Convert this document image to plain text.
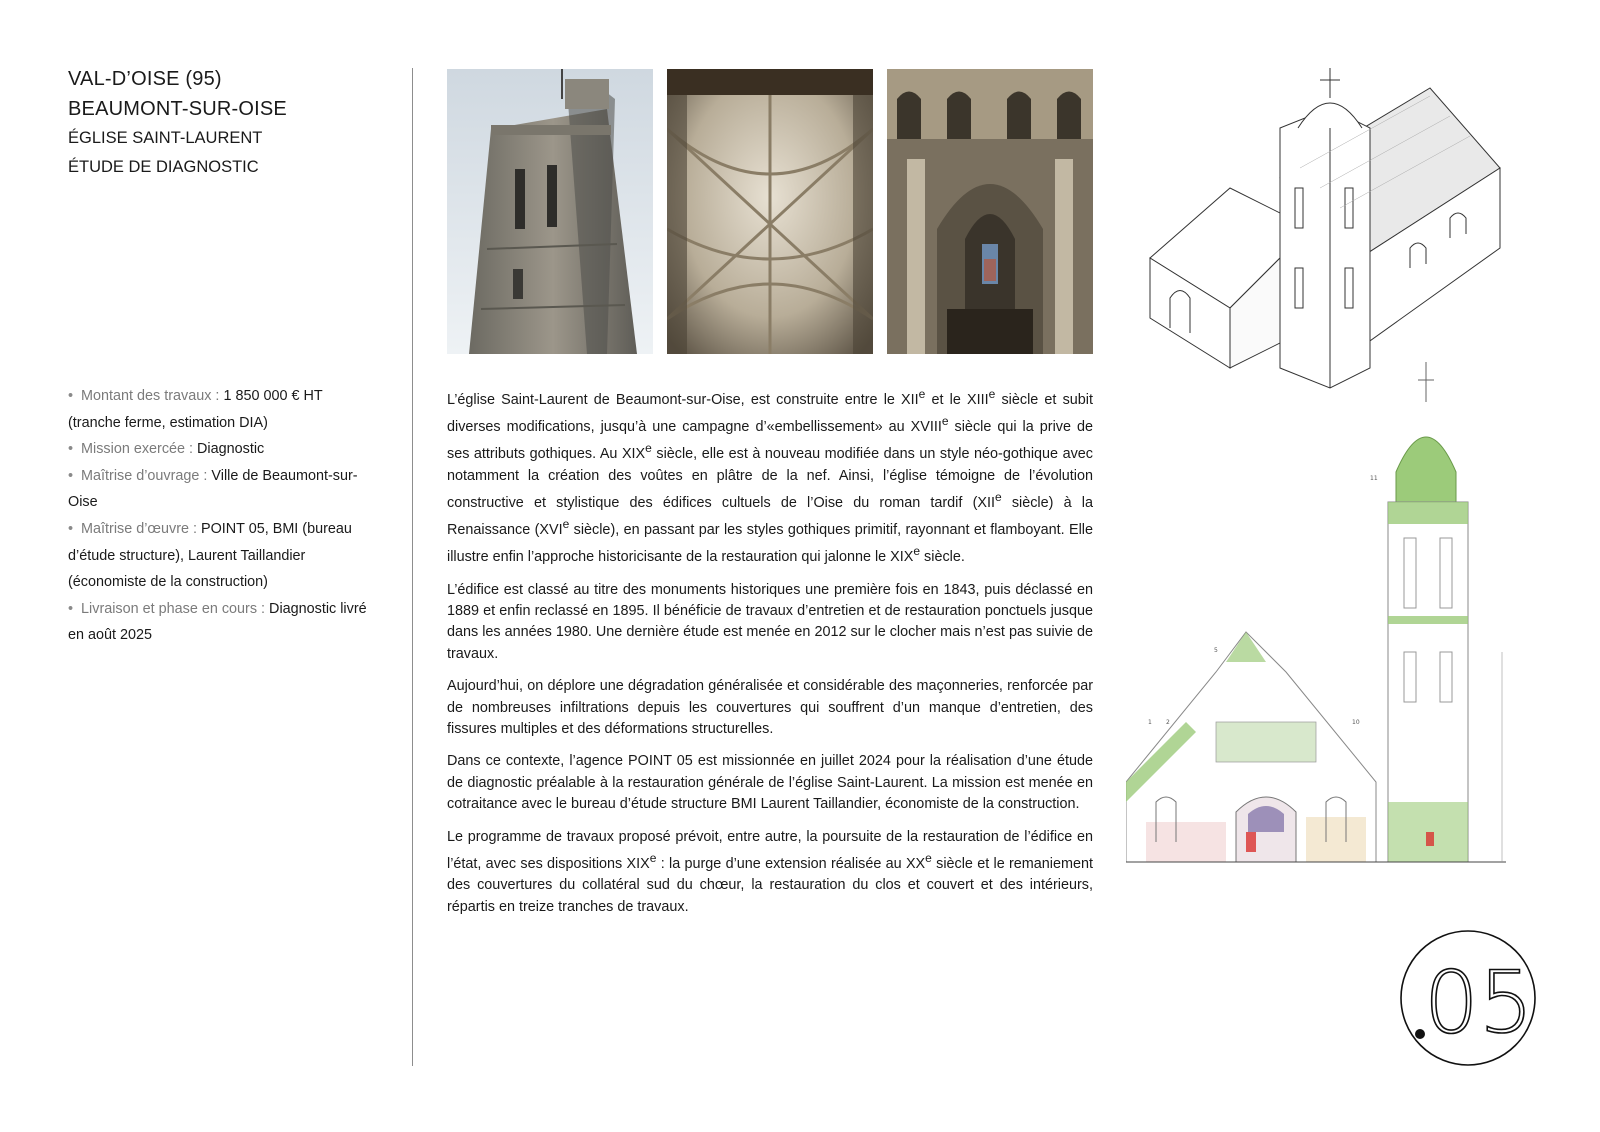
VAL-D’OISE (95)
BEAUMONT-SUR-OISE
ÉGLISE SAINT-LAURENT
ÉTUDE DE DIAGNOSTIC

•  Montant des travaux : 1 850 000 € HT
(tranche ferme, estimation DIA)

•  Mission exercée : Diagnostic

•  Maîtrise d’ouvrage : Ville de Beaumont-sur-
Oise

•  Maîtrise d’œuvre : POINT 05, BMI (bureau
d’étude structure), Laurent Taillandier (économiste de la construction)

•  Livraison et phase en cours : Diagnostic livré
en août 2025

L’église Saint-Laurent de Beaumont-sur-Oise, est construite entre le XIIe et le XIIIe siècle et subit diverses modifications, jusqu’à une campagne d’«embellissement» au XVIIIe siècle qui la prive de ses attributs gothiques. Au XIXe siècle, elle est à nouveau modifiée dans un style néo-gothique avec notamment la création des voûtes en plâtre de la nef. Ainsi, l’église témoigne de l’évolution constructive et stylistique des édifices cultuels de l’Oise du roman tardif (XIIe siècle) à la Renaissance (XVIe siècle), en passant par les styles gothiques primitif, rayonnant et flamboyant. Elle illustre enfin l’approche historicisante de la restauration qui jalonne le XIXe siècle.

L’édifice est classé au titre des monuments historiques une première fois en 1843, puis déclassé en 1889 et enfin reclassé en 1895. Il bénéficie de travaux d’entretien et de restauration ponctuels jusque dans les années 1980. Une dernière étude est menée en 2012 sur le clocher mais n’est pas suivie de travaux.

Aujourd’hui, on déplore une dégradation généralisée et considérable des maçonneries, renforcée par de nombreuses infiltrations depuis les couvertures qui souffrent d’un manque d’entretien, des fissures multiples et des déformations structurelles.

Dans ce contexte, l’agence POINT 05 est missionnée en juillet 2024 pour la réalisation d’une étude de diagnostic préalable à la restauration générale de l’église Saint-Laurent. La mission est menée en cotraitance avec le bureau d’étude structure BMI Laurent Taillandier, économiste de la construction.

Le programme de travaux proposé prévoit, entre autre, la poursuite de la restauration de l’édifice en l’état, avec ses dispositions XIXe : la purge d’une extension réalisée au XXe siècle et le remaniement des couvertures du collatéral sud du chœur, la restauration du clos et couvert et des intérieurs, répartis en treize tranches de travaux.

11
5
1 2	10
05
